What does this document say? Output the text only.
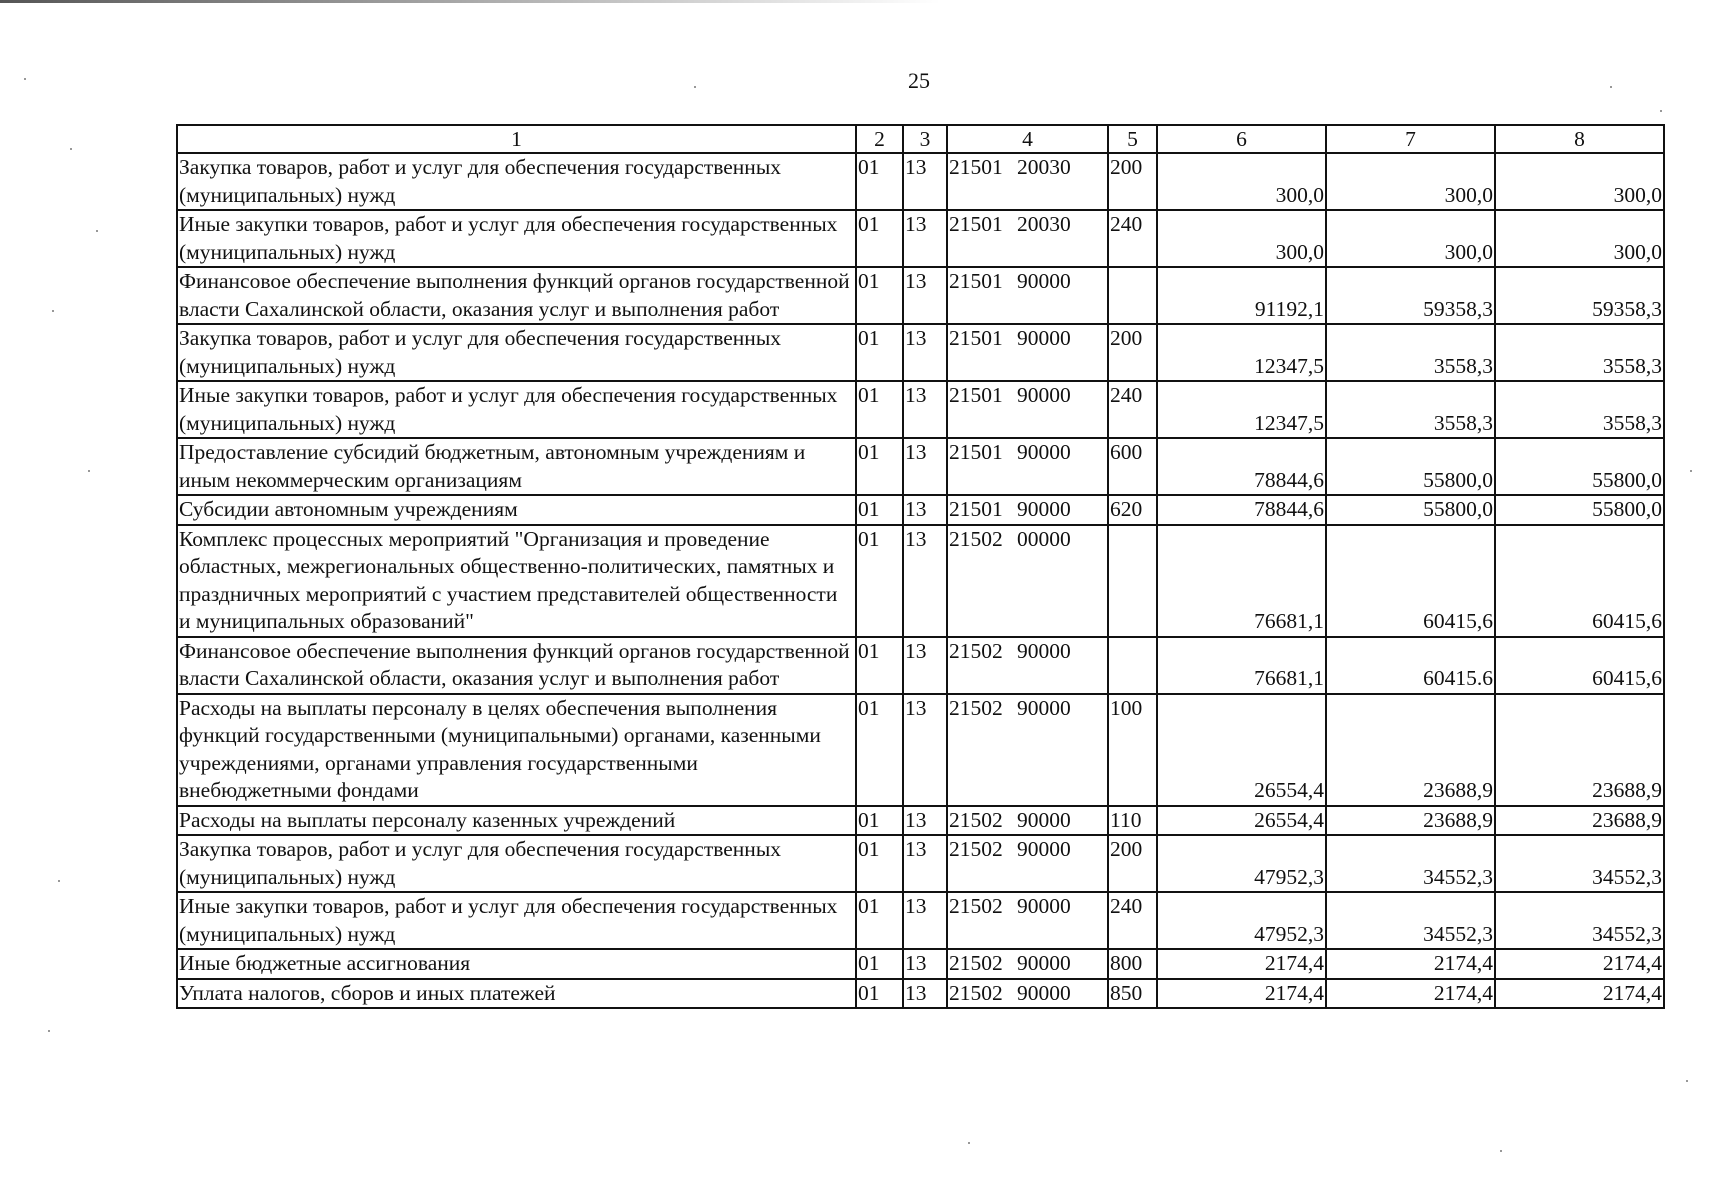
25
1	2	3	4	5	6	7	8
Закупка товаров, работ и услуг для обеспечения государственных (муниципальных) нужд	01	13	21501 20030	200	300,0	300,0	300,0
Иные закупки товаров, работ и услуг для обеспечения государственных (муниципальных) нужд	01	13	21501 20030	240	300,0	300,0	300,0
Финансовое обеспечение выполнения функций органов государственной власти Сахалинской области, оказания услуг и выполнения работ	01	13	21501 90000		91192,1	59358,3	59358,3
Закупка товаров, работ и услуг для обеспечения государственных (муниципальных) нужд	01	13	21501 90000	200	12347,5	3558,3	3558,3
Иные закупки товаров, работ и услуг для обеспечения государственных (муниципальных) нужд	01	13	21501 90000	240	12347,5	3558,3	3558,3
Предоставление субсидий бюджетным, автономным учреждениям и иным некоммерческим организациям	01	13	21501 90000	600	78844,6	55800,0	55800,0
Субсидии автономным учреждениям	01	13	21501 90000	620	78844,6	55800,0	55800,0
Комплекс процессных мероприятий "Организация и проведение областных, межрегиональных общественно-политических, памятных и праздничных мероприятий с участием представителей общественности и муниципальных образований"	01	13	21502 00000		76681,1	60415,6	60415,6
Финансовое обеспечение выполнения функций органов государственной власти Сахалинской области, оказания услуг и выполнения работ	01	13	21502 90000		76681,1	60415.6	60415,6
Расходы на выплаты персоналу в целях обеспечения выполнения функций государственными (муниципальными) органами, казенными учреждениями, органами управления государственными внебюджетными фондами	01	13	21502 90000	100	26554,4	23688,9	23688,9
Расходы на выплаты персоналу казенных учреждений	01	13	21502 90000	110	26554,4	23688,9	23688,9
Закупка товаров, работ и услуг для обеспечения государственных (муниципальных) нужд	01	13	21502 90000	200	47952,3	34552,3	34552,3
Иные закупки товаров, работ и услуг для обеспечения государственных (муниципальных) нужд	01	13	21502 90000	240	47952,3	34552,3	34552,3
Иные бюджетные ассигнования	01	13	21502 90000	800	2174,4	2174,4	2174,4
Уплата налогов, сборов и иных платежей	01	13	21502 90000	850	2174,4	2174,4	2174,4
